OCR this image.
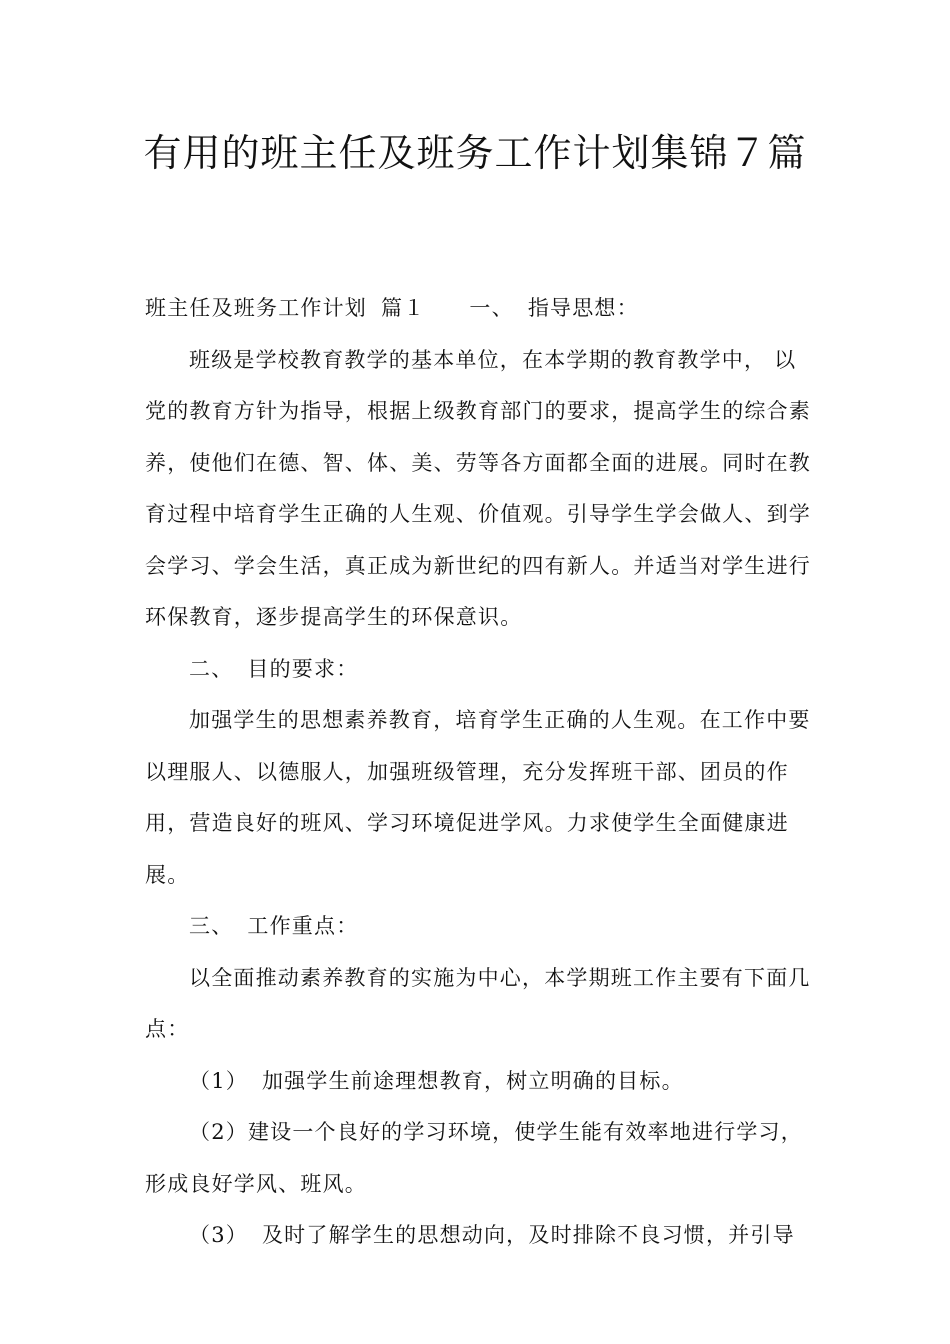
有用的班主任及班务工作计划集锦７篇

班主任及班务工作计划 篇１ 一、 指导思想：

班级是学校教育教学的基本单位，在本学期的教育教学中， 以党的教育方针为指导，根据上级教育部门的要求，提高学生的综合素养，使他们在德、智、体、美、劳等各方面都全面的进展。同时在教育过程中培育学生正确的人生观、价值观。引导学生学会做人、到学会学习、学会生活，真正成为新世纪的四有新人。并适当对学生进行环保教育，逐步提高学生的环保意识。

二、 目的要求：

加强学生的思想素养教育，培育学生正确的人生观。在工作中要以理服人、以德服人，加强班级管理，充分发挥班干部、团员的作用，营造良好的班风、学习环境促进学风。力求使学生全面健康进展。

三、 工作重点：

以全面推动素养教育的实施为中心，本学期班工作主要有下面几点：

（1） 加强学生前途理想教育，树立明确的目标。

（2）建设一个良好的学习环境，使学生能有效率地进行学习，形成良好学风、班风。

（3） 及时了解学生的思想动向，及时排除不良习惯，并引导
